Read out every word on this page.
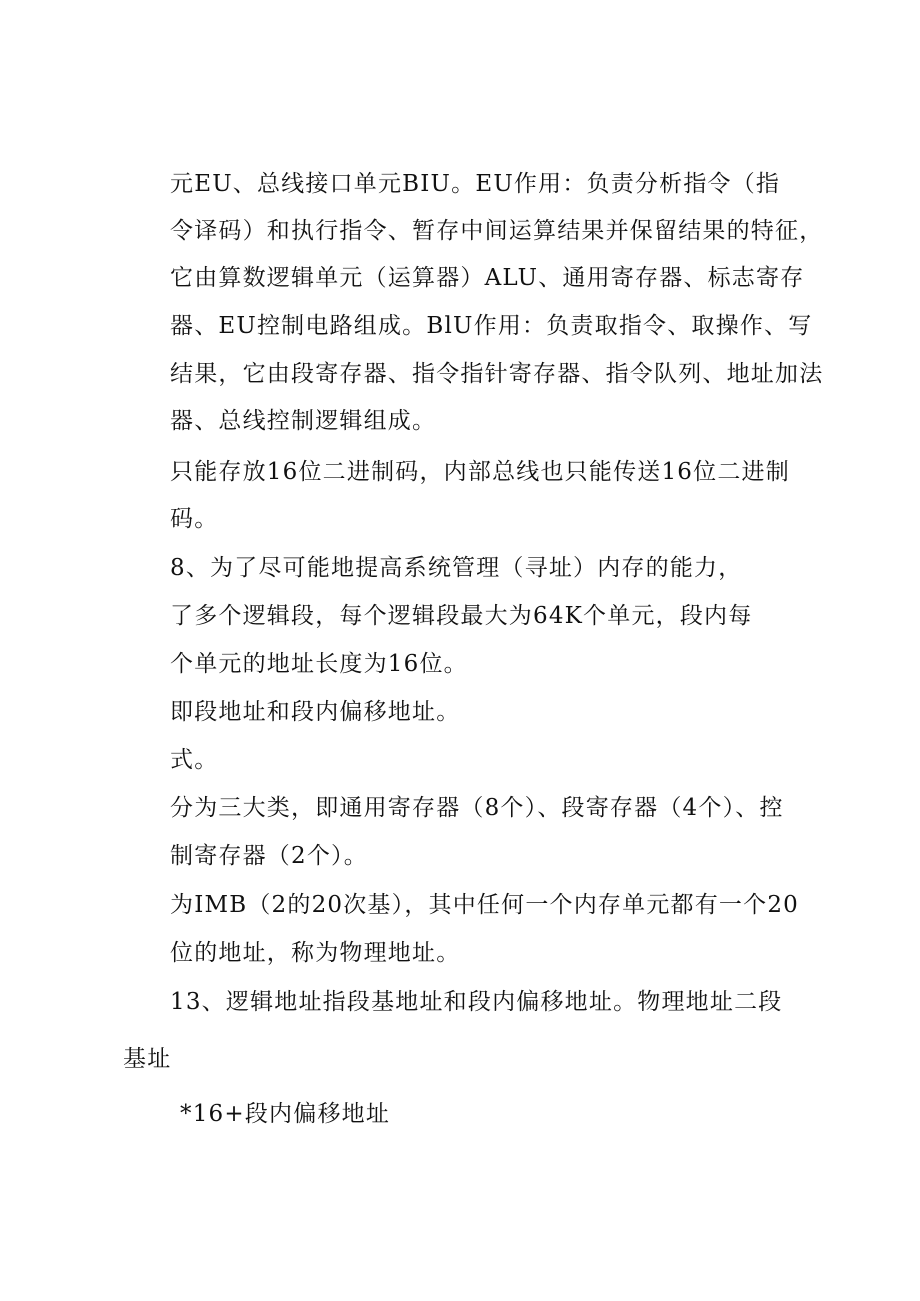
元EU、总线接口单元BIU。EU作用：负责分析指令（指
令译码）和执行指令、暂存中间运算结果并保留结果的特征，
它由算数逻辑单元（运算器）ALU、通用寄存器、标志寄存
器、EU控制电路组成。BlU作用：负责取指令、取操作、写
结果，它由段寄存器、指令指针寄存器、指令队列、地址加法
器、总线控制逻辑组成。
只能存放16位二进制码，内部总线也只能传送16位二进制
码。
8、为了尽可能地提高系统管理（寻址）内存的能力，
了多个逻辑段，每个逻辑段最大为64K个单元，段内每
个单元的地址长度为16位。
即段地址和段内偏移地址。
式。
分为三大类，即通用寄存器（8个）、段寄存器（4个）、控
制寄存器（2个）。
为IMB（2的20次基），其中任何一个内存单元都有一个20
位的地址，称为物理地址。
13、逻辑地址指段基地址和段内偏移地址。物理地址二段
基址
*16+段内偏移地址
